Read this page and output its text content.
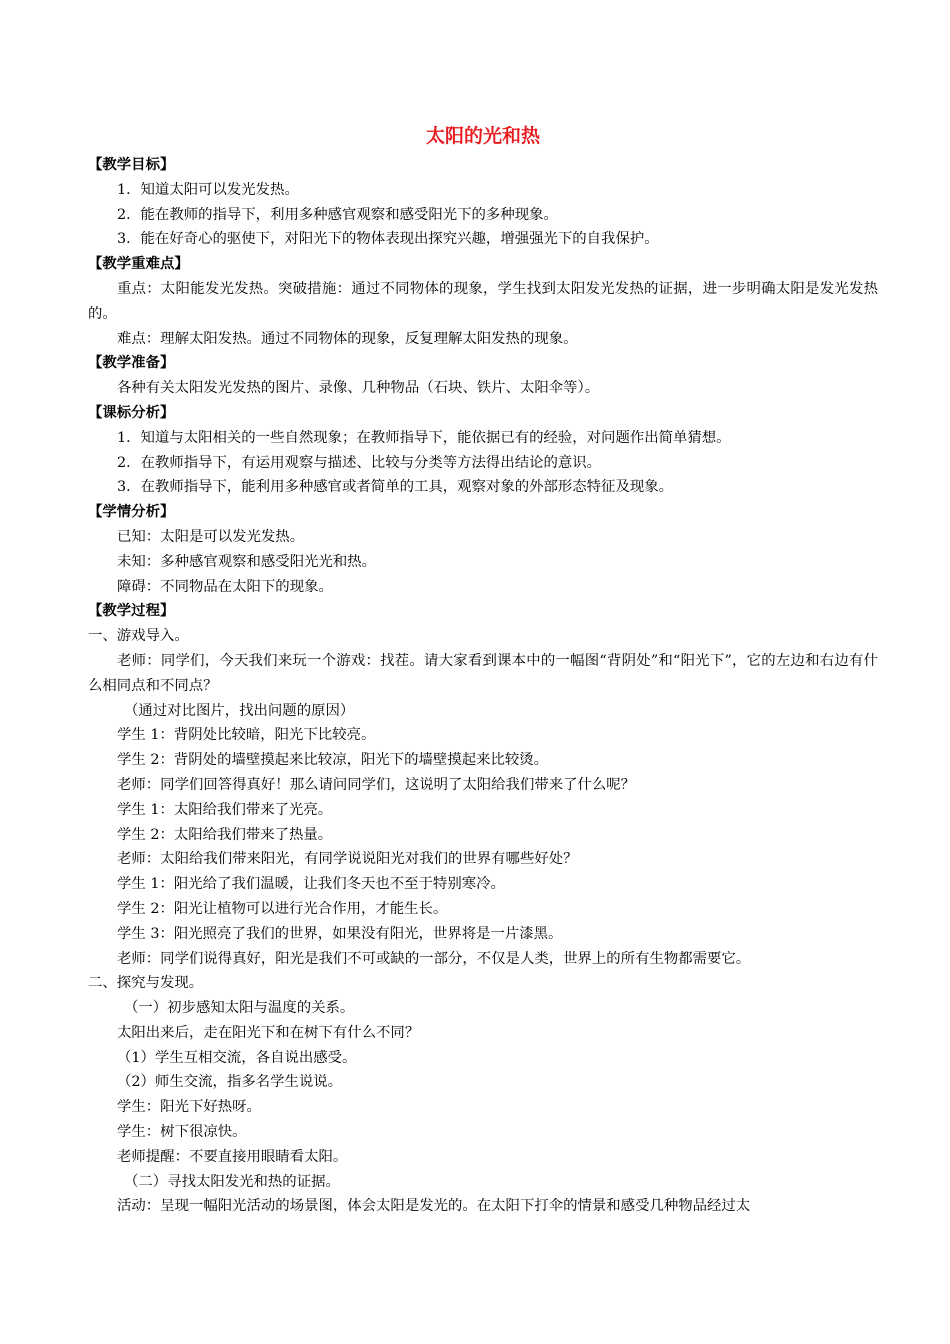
太阳的光和热
【教学目标】
1．知道太阳可以发光发热。
2．能在教师的指导下，利用多种感官观察和感受阳光下的多种现象。
3．能在好奇心的驱使下，对阳光下的物体表现出探究兴趣，增强强光下的自我保护。
【教学重难点】
重点：太阳能发光发热。突破措施：通过不同物体的现象，学生找到太阳发光发热的证据，进一步明确太阳是发光发热的。
难点：理解太阳发热。通过不同物体的现象，反复理解太阳发热的现象。
【教学准备】
各种有关太阳发光发热的图片、录像、几种物品（石块、铁片、太阳伞等）。
【课标分析】
1．知道与太阳相关的一些自然现象；在教师指导下，能依据已有的经验，对问题作出简单猜想。
2．在教师指导下，有运用观察与描述、比较与分类等方法得出结论的意识。
3．在教师指导下，能利用多种感官或者简单的工具，观察对象的外部形态特征及现象。
【学情分析】
已知：太阳是可以发光发热。
未知：多种感官观察和感受阳光光和热。
障碍：不同物品在太阳下的现象。
【教学过程】
一、游戏导入。
老师：同学们，今天我们来玩一个游戏：找茬。请大家看到课本中的一幅图“背阴处”和“阳光下”，它的左边和右边有什么相同点和不同点？
（通过对比图片，找出问题的原因）
学生 1：背阴处比较暗，阳光下比较亮。
学生 2：背阴处的墙壁摸起来比较凉，阳光下的墙壁摸起来比较烫。
老师：同学们回答得真好！那么请问同学们，这说明了太阳给我们带来了什么呢？
学生 1：太阳给我们带来了光亮。
学生 2：太阳给我们带来了热量。
老师：太阳给我们带来阳光，有同学说说阳光对我们的世界有哪些好处？
学生 1：阳光给了我们温暖，让我们冬天也不至于特别寒冷。
学生 2：阳光让植物可以进行光合作用，才能生长。
学生 3：阳光照亮了我们的世界，如果没有阳光，世界将是一片漆黑。
老师：同学们说得真好，阳光是我们不可或缺的一部分，不仅是人类，世界上的所有生物都需要它。
二、探究与发现。
（一）初步感知太阳与温度的关系。
太阳出来后，走在阳光下和在树下有什么不同？
（1）学生互相交流，各自说出感受。
（2）师生交流，指多名学生说说。
学生：阳光下好热呀。
学生：树下很凉快。
老师提醒：不要直接用眼睛看太阳。
（二）寻找太阳发光和热的证据。
活动：呈现一幅阳光活动的场景图，体会太阳是发光的。在太阳下打伞的情景和感受几种物品经过太
